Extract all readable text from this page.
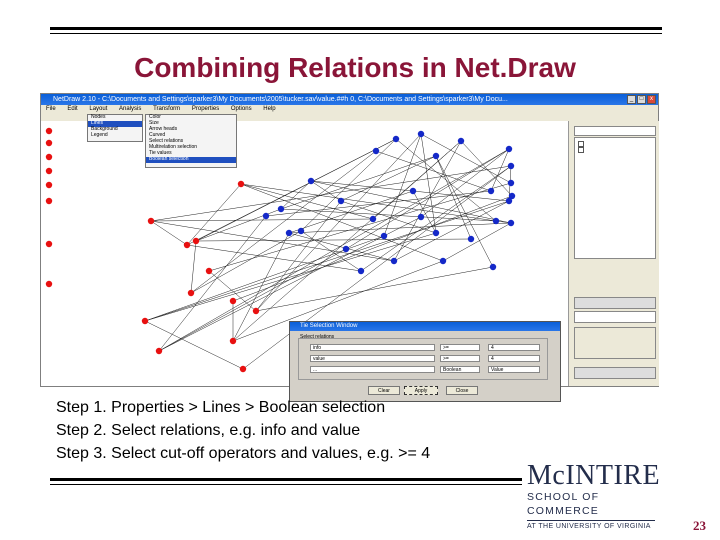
Combining Relations in Net.Draw
NetDraw 2.10 - C:\Documents and Settings\sparker3\My Documents\2005\tucker.sav\value.##h 0, C:\Documents and Settings\sparker3\My Docu...	_	□	x
File Edit Layout Analysis Transform Properties Options Help
Nodes
Lines
Background
Legend
Color
Size
Arrow heads
Curved
Select relations
Multirelation selection
Tie values
Boolean selection
Tie Selection Window
Select relations
info	>=	4
value	>=	4
...	Boolean	Value
Clear	Apply	Close
Step 1. Properties > Lines > Boolean selection
Step 2. Select relations, e.g. info and value
Step 3. Select cut-off operators and values, e.g. >= 4
McINTIRE
SCHOOL OF COMMERCE
AT THE UNIVERSITY OF VIRGINIA	23
